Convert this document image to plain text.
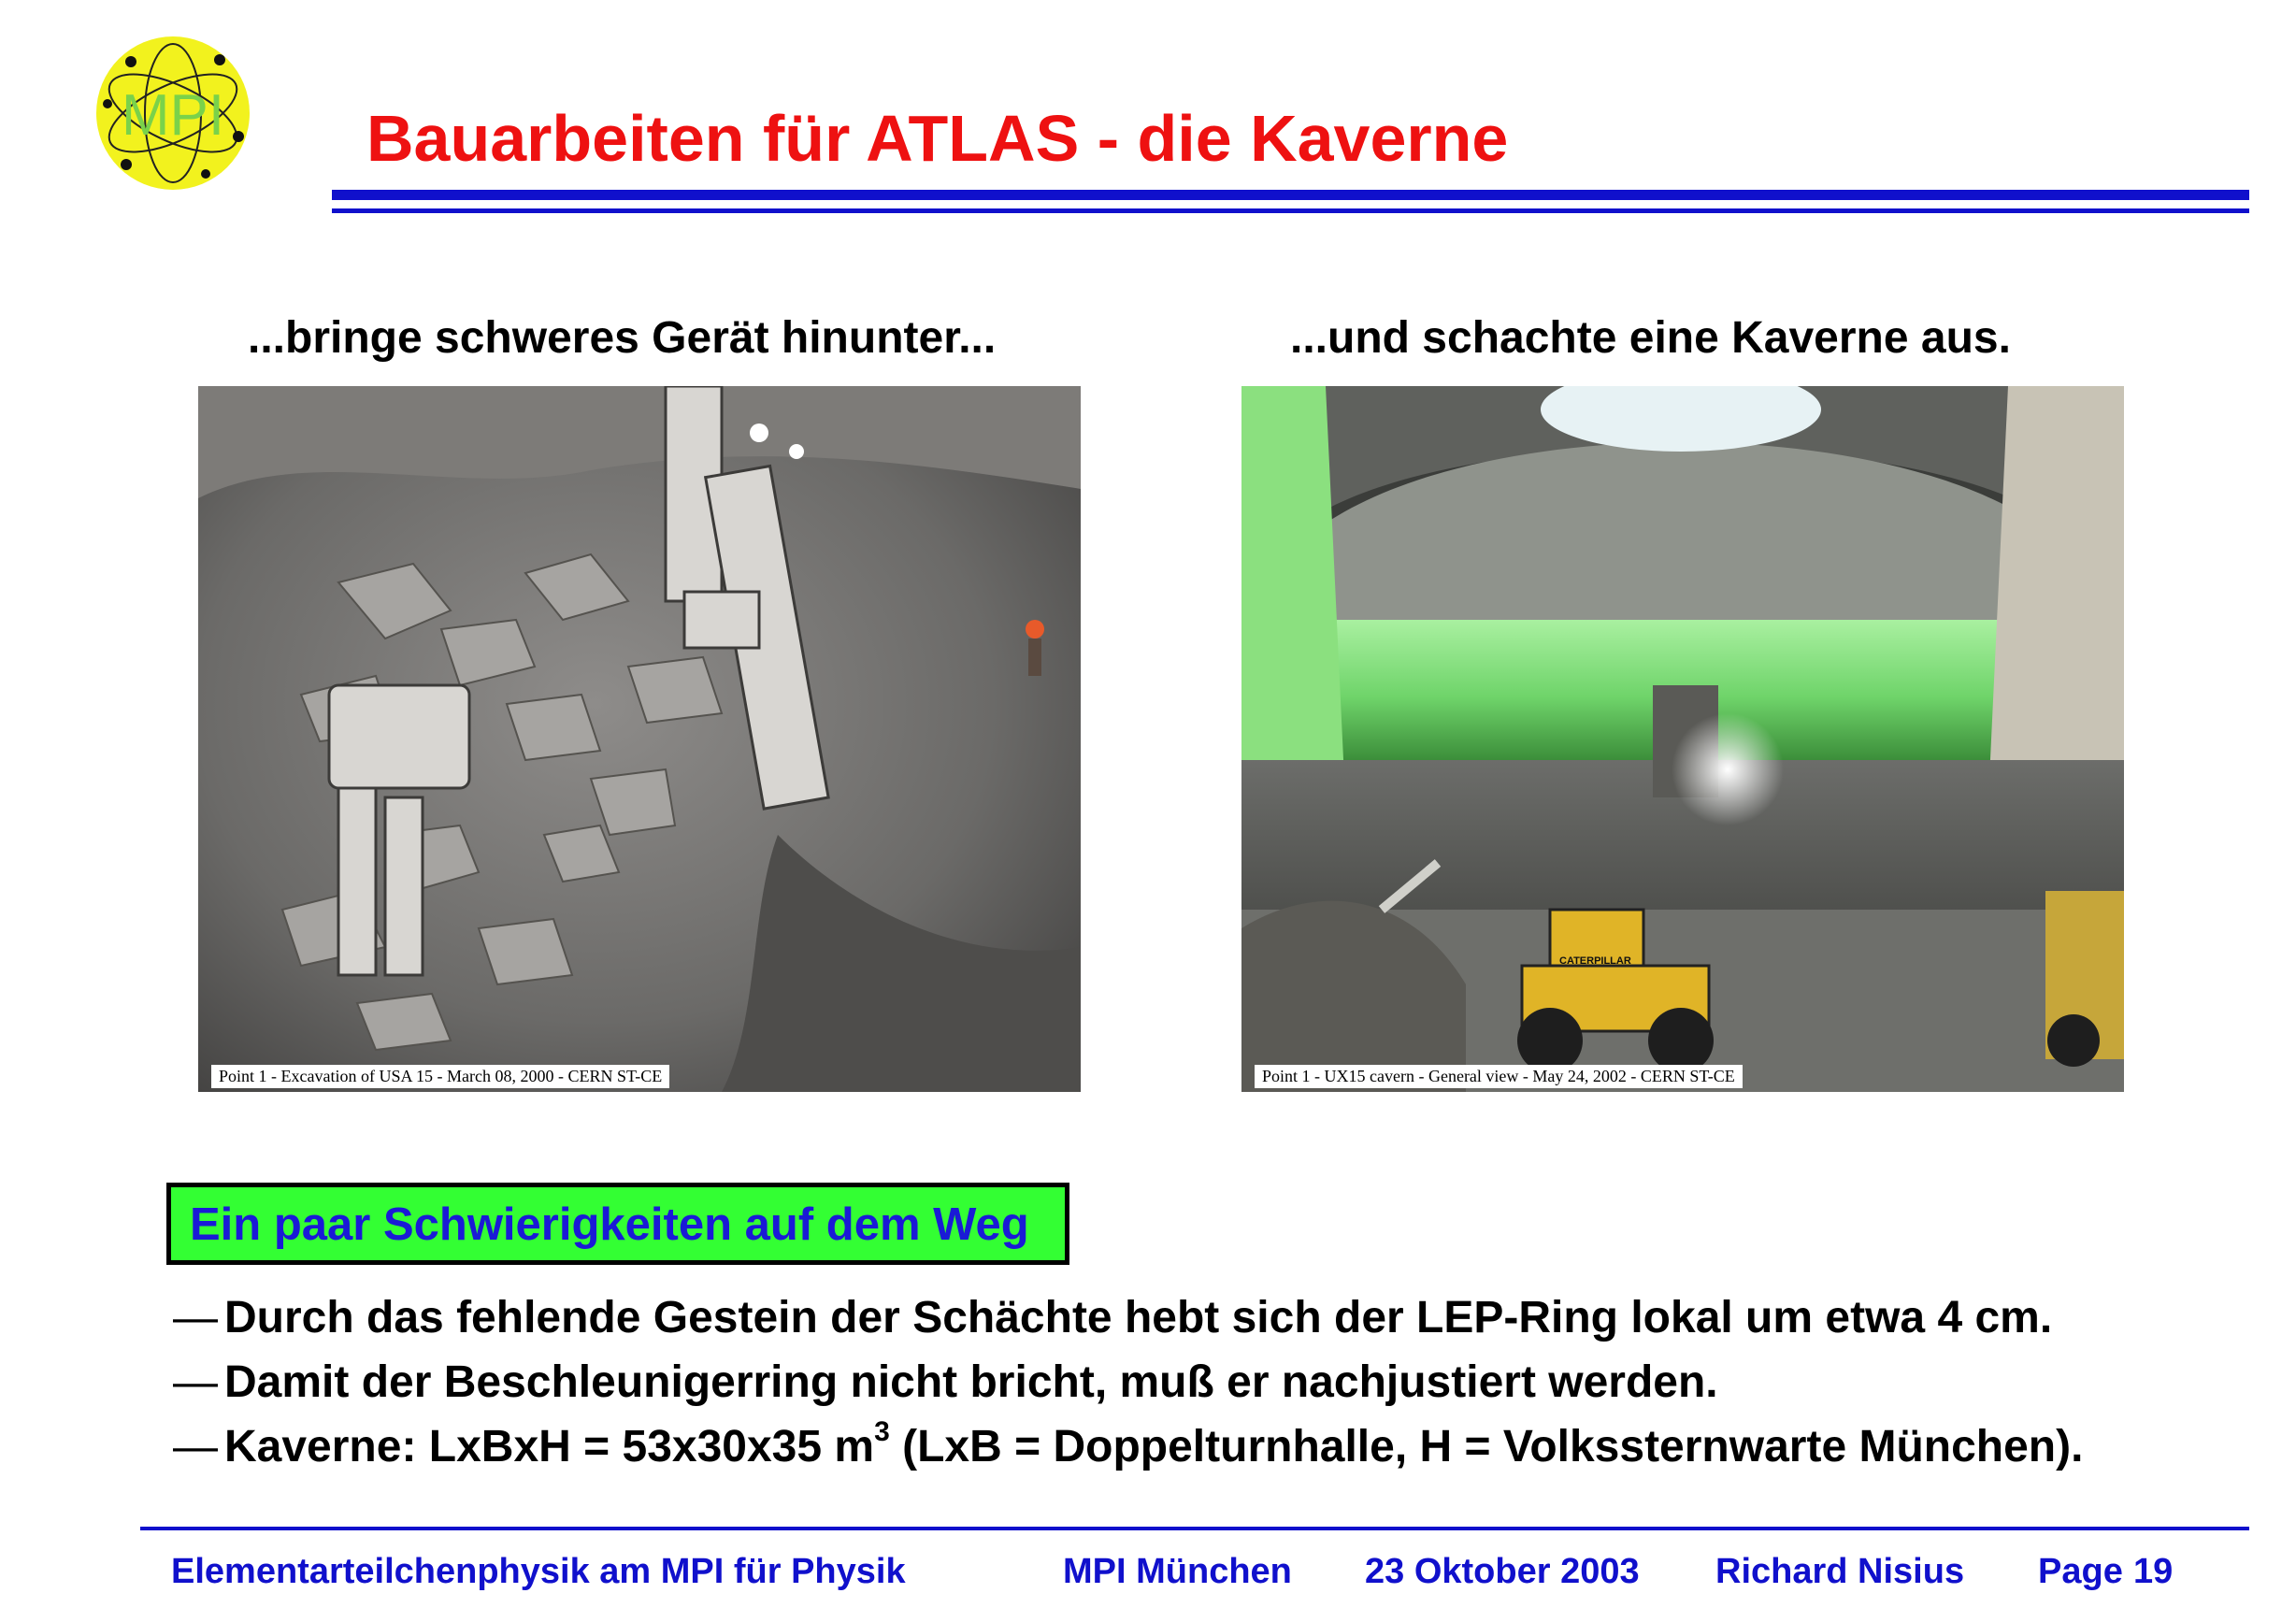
MPI Bauarbeiten für ATLAS - die Kaverne
...bringe schweres Gerät hinunter...
Point 1 - Excavation of USA 15 - March 08, 2000 - CERN ST-CE
...und schachte eine Kaverne aus.
CATERPILLAR
Point 1 - UX15 cavern - General view - May 24, 2002 - CERN ST-CE
Ein paar Schwierigkeiten auf dem Weg
— Durch das fehlende Gestein der Schächte hebt sich der LEP-Ring lokal um etwa 4 cm.
— Damit der Beschleunigerring nicht bricht, muß er nachjustiert werden.
— Kaverne: LxBxH = 53x30x35 $m^3$ (LxB = Doppelturnhalle, H = Volkssternwarte München).
Elementarteilchenphysik am MPI für Physik	MPI München 23 Oktober 2003 Richard Nisius Page 19
